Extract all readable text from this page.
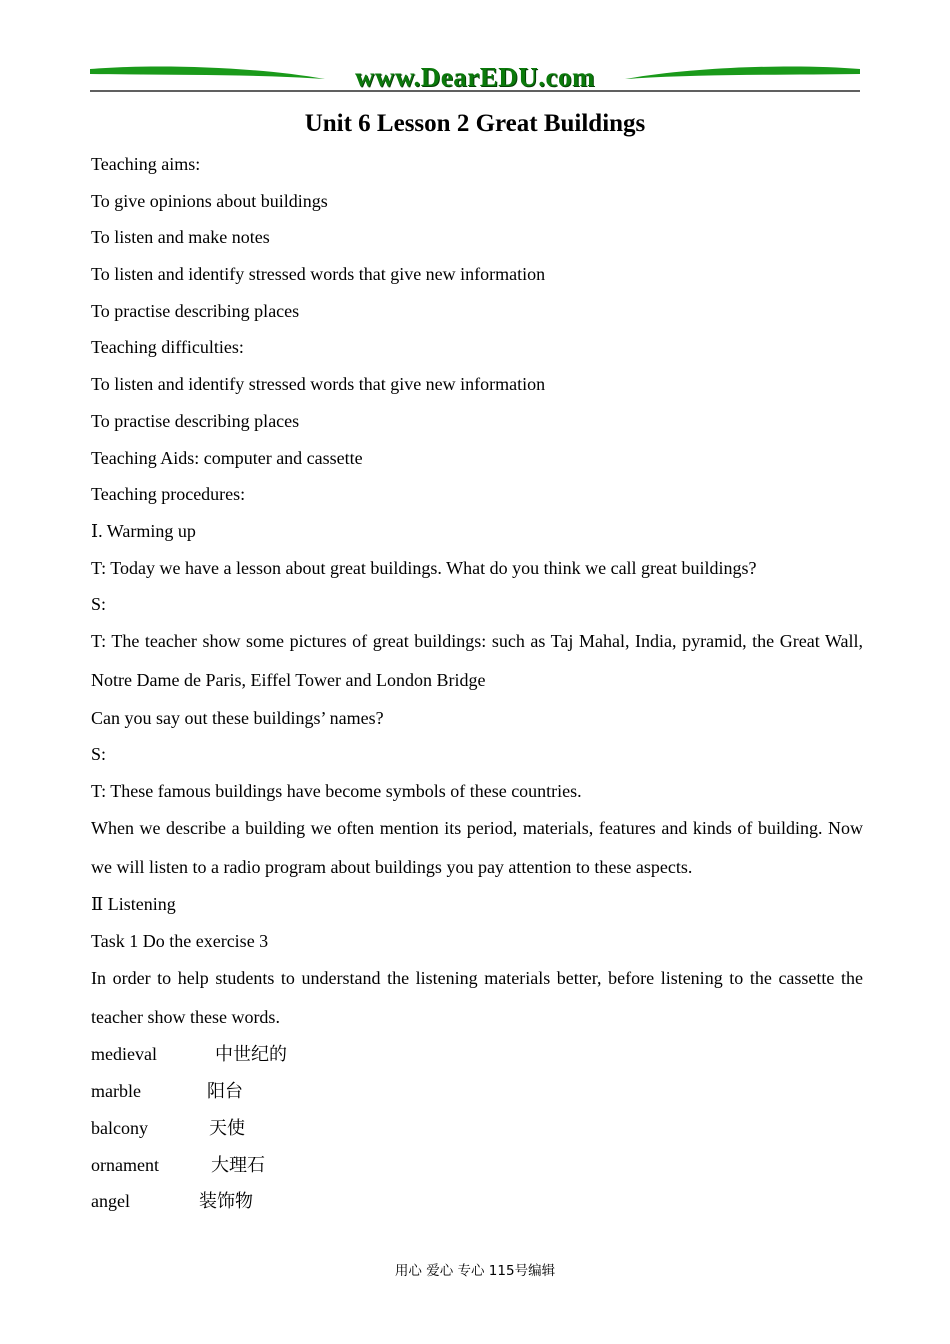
www.DearEDU.com
Unit 6 Lesson 2 Great Buildings
Teaching aims:
To give opinions about buildings
To listen and make notes
To listen and identify stressed words that give new information
To practise describing places
Teaching difficulties:
To listen and identify stressed words that give new information
To practise describing places
Teaching Aids: computer and cassette
Teaching procedures:
Ⅰ. Warming up
T: Today we have a lesson about great buildings. What do you think we call great buildings?
S:
T: The teacher show some pictures of great buildings: such as Taj Mahal, India, pyramid, the Great Wall, Notre Dame de Paris, Eiffel Tower and London Bridge
Can you say out these buildings’ names?
S:
T: These famous buildings have become symbols of these countries.
When we describe a building we often mention its period, materials, features and kinds of building. Now we will listen to a radio program about buildings you pay attention to these aspects.
Ⅱ Listening
Task 1 Do the exercise 3
In order to help students to understand the listening materials better, before listening to the cassette the teacher show these words.
medieval	中世纪的
marble	阳台
balcony	天使
ornament	大理石
angel	装饰物
用心 爱心 专心 115号编辑
